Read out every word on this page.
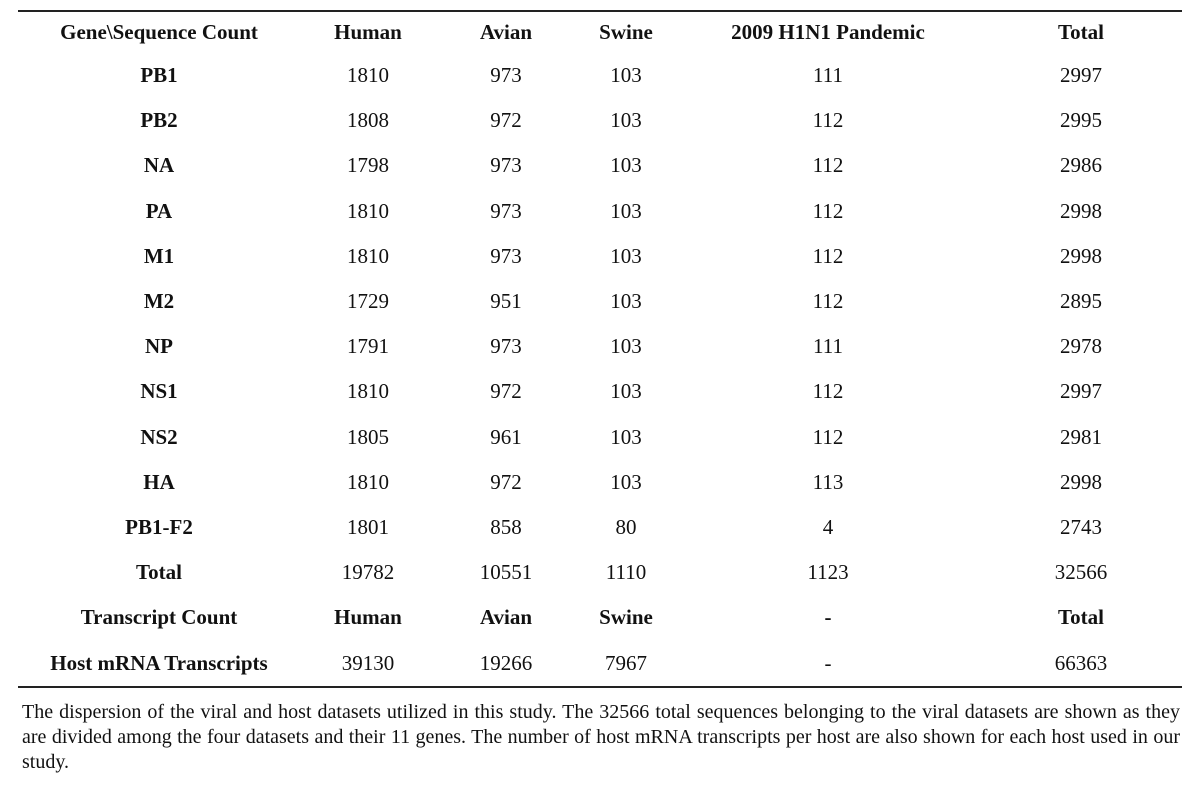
Gene\Sequence Count	Human	Avian	Swine	2009 H1N1 Pandemic	Total
PB1	1810	973	103	111	2997
PB2	1808	972	103	112	2995
NA	1798	973	103	112	2986
PA	1810	973	103	112	2998
M1	1810	973	103	112	2998
M2	1729	951	103	112	2895
NP	1791	973	103	111	2978
NS1	1810	972	103	112	2997
NS2	1805	961	103	112	2981
HA	1810	972	103	113	2998
PB1-F2	1801	858	80	4	2743
Total	19782	10551	1110	1123	32566
Transcript Count	Human	Avian	Swine	-	Total
Host mRNA Transcripts	39130	19266	7967	-	66363

The dispersion of the viral and host datasets utilized in this study. The 32566 total sequences belonging to the viral datasets are shown as they are divided among the four datasets and their 11 genes. The number of host mRNA transcripts per host are also shown for each host used in our study.
